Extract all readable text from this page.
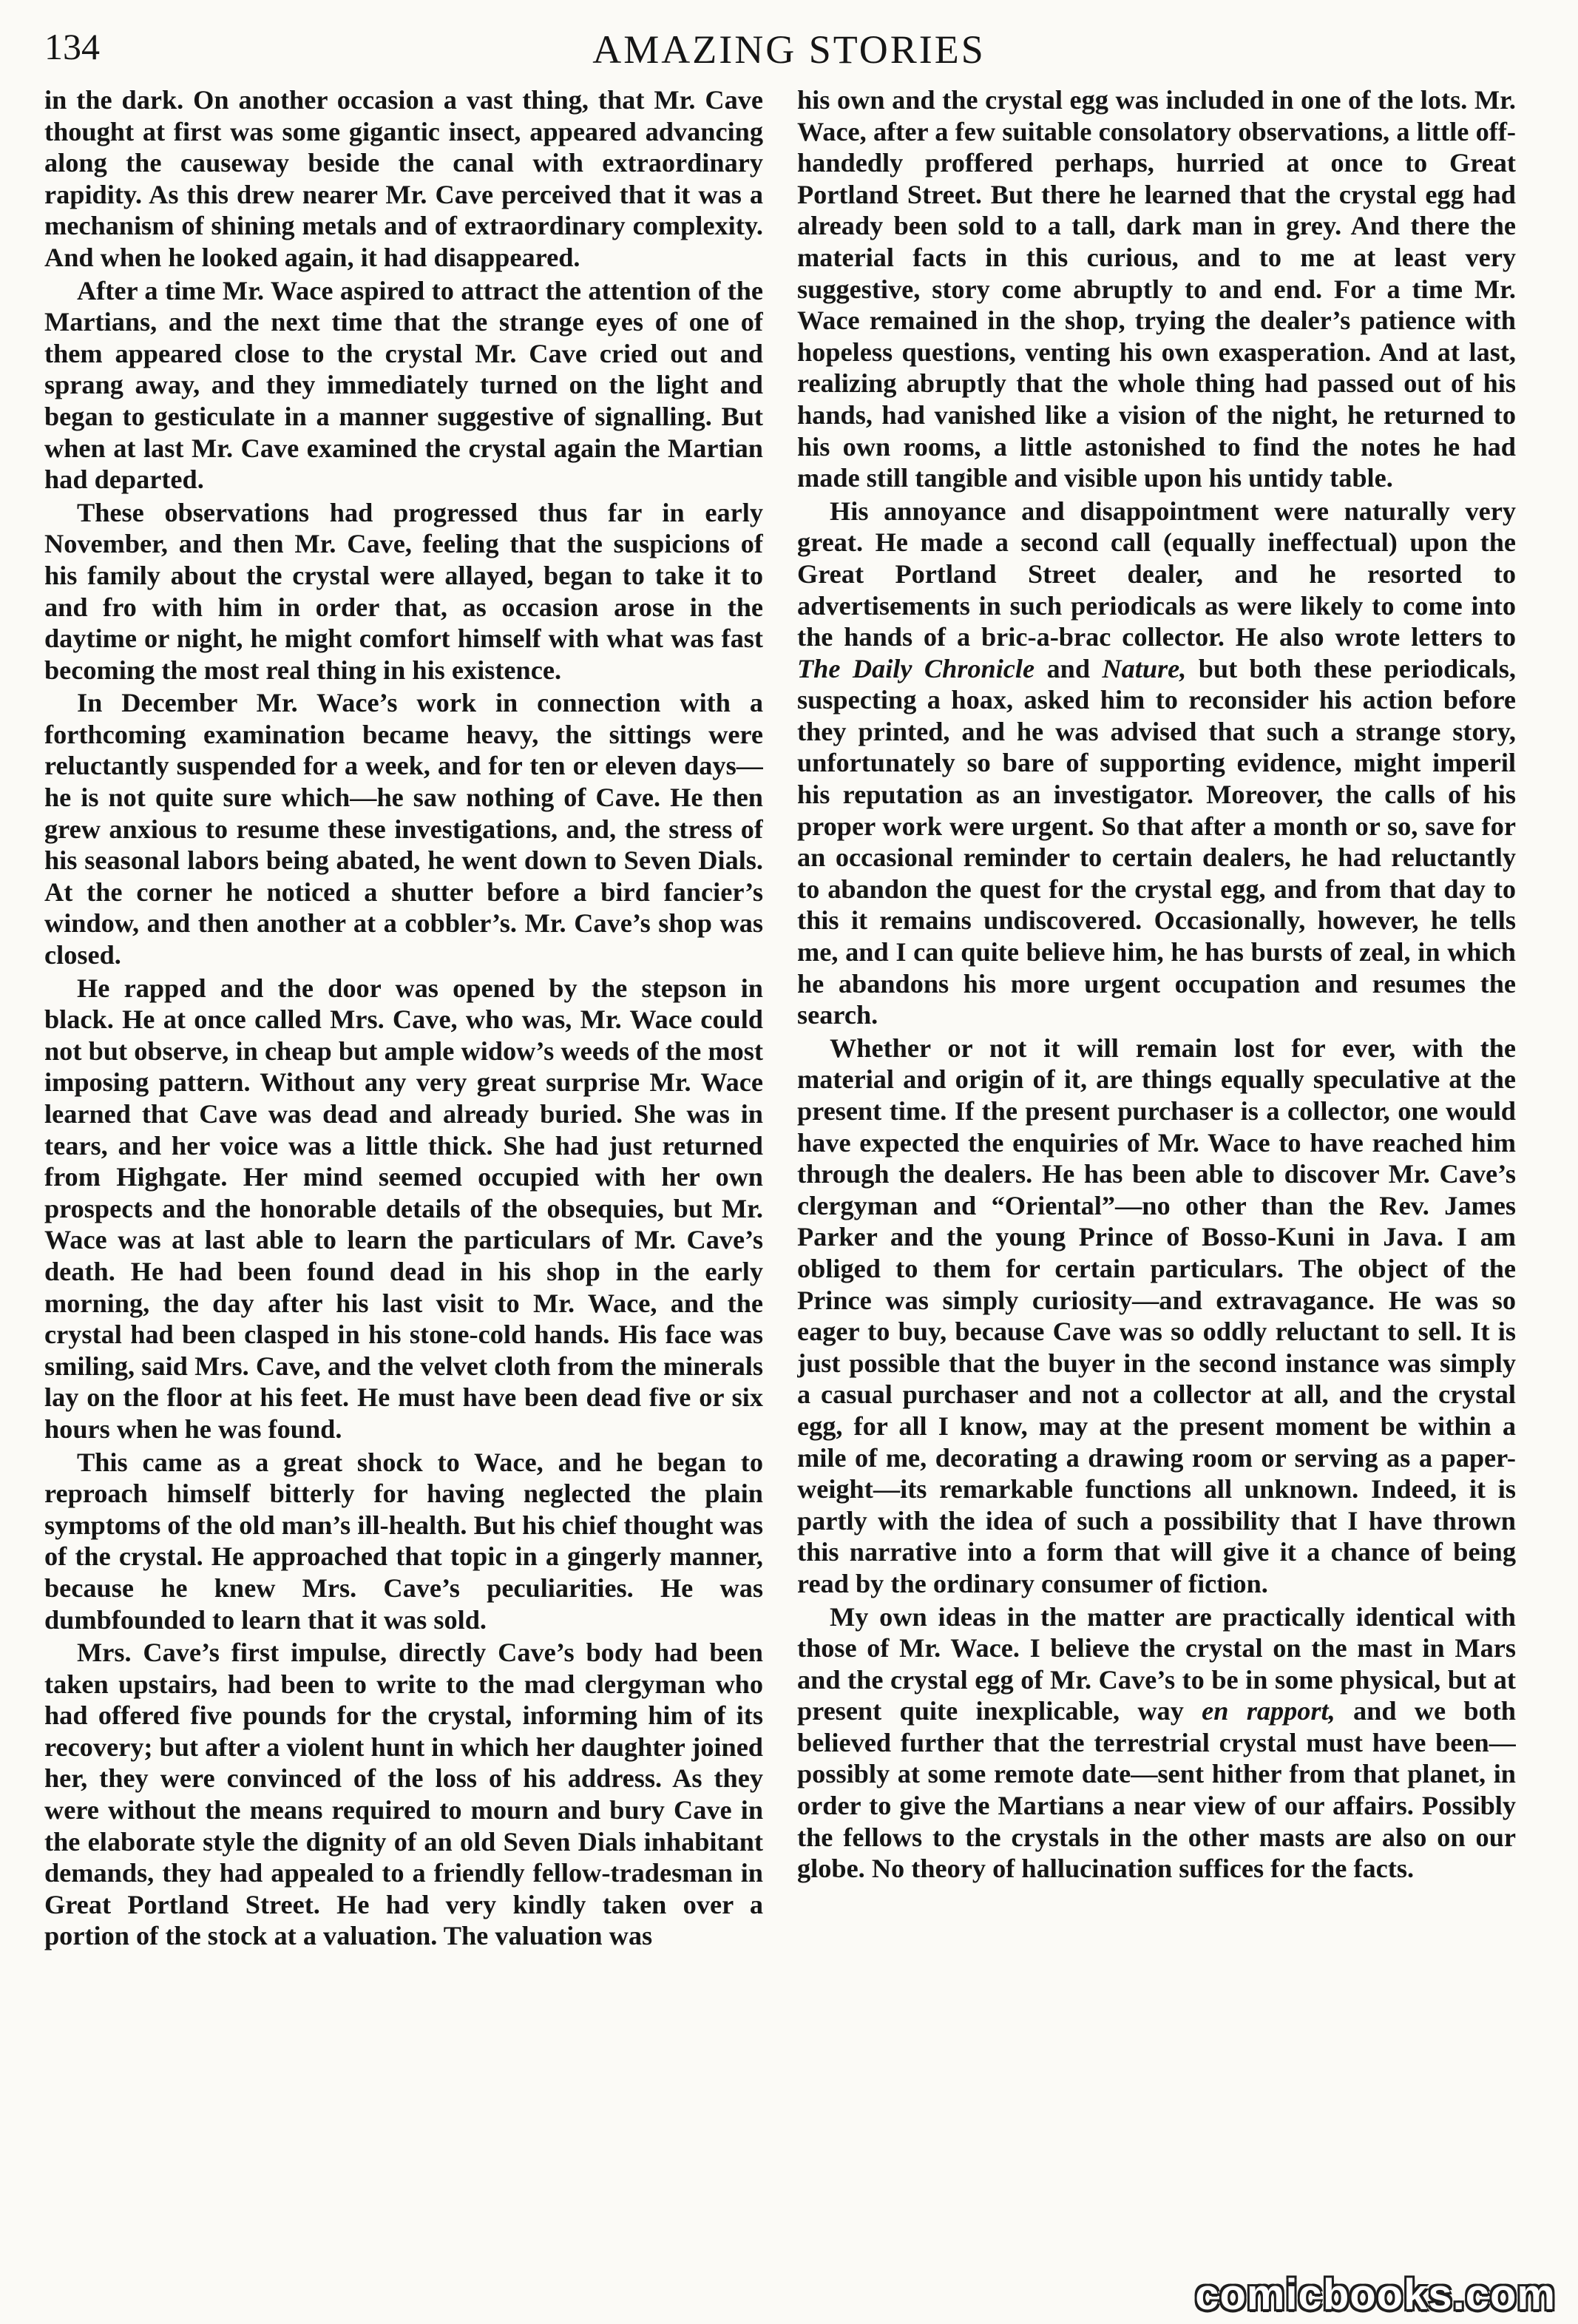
134	AMAZING STORIES

in the dark. On another occasion a vast thing, that Mr. Cave thought at first was some gigantic insect, appeared advancing along the causeway beside the canal with extraordinary rapidity. As this drew nearer Mr. Cave perceived that it was a mechanism of shining metals and of extraordinary complexity. And when he looked again, it had disappeared.

After a time Mr. Wace aspired to attract the attention of the Martians, and the next time that the strange eyes of one of them appeared close to the crystal Mr. Cave cried out and sprang away, and they immediately turned on the light and began to gesticulate in a manner suggestive of signalling. But when at last Mr. Cave examined the crystal again the Martian had departed.

These observations had progressed thus far in early November, and then Mr. Cave, feeling that the suspicions of his family about the crystal were allayed, began to take it to and fro with him in order that, as occasion arose in the daytime or night, he might comfort himself with what was fast becoming the most real thing in his existence.

In December Mr. Wace’s work in connection with a forthcoming examination became heavy, the sittings were reluctantly suspended for a week, and for ten or eleven days—he is not quite sure which—he saw nothing of Cave. He then grew anxious to resume these investigations, and, the stress of his seasonal labors being abated, he went down to Seven Dials. At the corner he noticed a shutter before a bird fancier’s window, and then another at a cobbler’s. Mr. Cave’s shop was closed.

He rapped and the door was opened by the stepson in black. He at once called Mrs. Cave, who was, Mr. Wace could not but observe, in cheap but ample widow’s weeds of the most imposing pattern. Without any very great surprise Mr. Wace learned that Cave was dead and already buried. She was in tears, and her voice was a little thick. She had just returned from Highgate. Her mind seemed occupied with her own prospects and the honorable details of the obsequies, but Mr. Wace was at last able to learn the particulars of Mr. Cave’s death. He had been found dead in his shop in the early morning, the day after his last visit to Mr. Wace, and the crystal had been clasped in his stone-cold hands. His face was smiling, said Mrs. Cave, and the velvet cloth from the minerals lay on the floor at his feet. He must have been dead five or six hours when he was found.

This came as a great shock to Wace, and he began to reproach himself bitterly for having neglected the plain symptoms of the old man’s ill-health. But his chief thought was of the crystal. He approached that topic in a gingerly manner, because he knew Mrs. Cave’s peculiarities. He was dumbfounded to learn that it was sold.

Mrs. Cave’s first impulse, directly Cave’s body had been taken upstairs, had been to write to the mad clergyman who had offered five pounds for the crystal, informing him of its recovery; but after a violent hunt in which her daughter joined her, they were convinced of the loss of his address. As they were without the means required to mourn and bury Cave in the elaborate style the dignity of an old Seven Dials inhabitant demands, they had appealed to a friendly fellow-tradesman in Great Portland Street. He had very kindly taken over a portion of the stock at a valuation. The valuation was

his own and the crystal egg was included in one of the lots. Mr. Wace, after a few suitable consolatory observations, a little off-handedly proffered perhaps, hurried at once to Great Portland Street. But there he learned that the crystal egg had already been sold to a tall, dark man in grey. And there the material facts in this curious, and to me at least very suggestive, story come abruptly to and end. For a time Mr. Wace remained in the shop, trying the dealer’s patience with hopeless questions, venting his own exasperation. And at last, realizing abruptly that the whole thing had passed out of his hands, had vanished like a vision of the night, he returned to his own rooms, a little astonished to find the notes he had made still tangible and visible upon his untidy table.

His annoyance and disappointment were naturally very great. He made a second call (equally ineffectual) upon the Great Portland Street dealer, and he resorted to advertisements in such periodicals as were likely to come into the hands of a bric-a-brac collector. He also wrote letters to The Daily Chronicle and Nature, but both these periodicals, suspecting a hoax, asked him to reconsider his action before they printed, and he was advised that such a strange story, unfortunately so bare of supporting evidence, might imperil his reputation as an investigator. Moreover, the calls of his proper work were urgent. So that after a month or so, save for an occasional reminder to certain dealers, he had reluctantly to abandon the quest for the crystal egg, and from that day to this it remains undiscovered. Occasionally, however, he tells me, and I can quite believe him, he has bursts of zeal, in which he abandons his more urgent occupation and resumes the search.

Whether or not it will remain lost for ever, with the material and origin of it, are things equally speculative at the present time. If the present purchaser is a collector, one would have expected the enquiries of Mr. Wace to have reached him through the dealers. He has been able to discover Mr. Cave’s clergyman and “Oriental”—no other than the Rev. James Parker and the young Prince of Bosso-Kuni in Java. I am obliged to them for certain particulars. The object of the Prince was simply curiosity—and extravagance. He was so eager to buy, because Cave was so oddly reluctant to sell. It is just possible that the buyer in the second instance was simply a casual purchaser and not a collector at all, and the crystal egg, for all I know, may at the present moment be within a mile of me, decorating a drawing room or serving as a paper-weight—its remarkable functions all unknown. Indeed, it is partly with the idea of such a possibility that I have thrown this narrative into a form that will give it a chance of being read by the ordinary consumer of fiction.

My own ideas in the matter are practically identical with those of Mr. Wace. I believe the crystal on the mast in Mars and the crystal egg of Mr. Cave’s to be in some physical, but at present quite inexplicable, way en rapport, and we both believed further that the terrestrial crystal must have been—possibly at some remote date—sent hither from that planet, in order to give the Martians a near view of our affairs. Possibly the fellows to the crystals in the other masts are also on our globe. No theory of hallucination suffices for the facts.

comicbooks.com
